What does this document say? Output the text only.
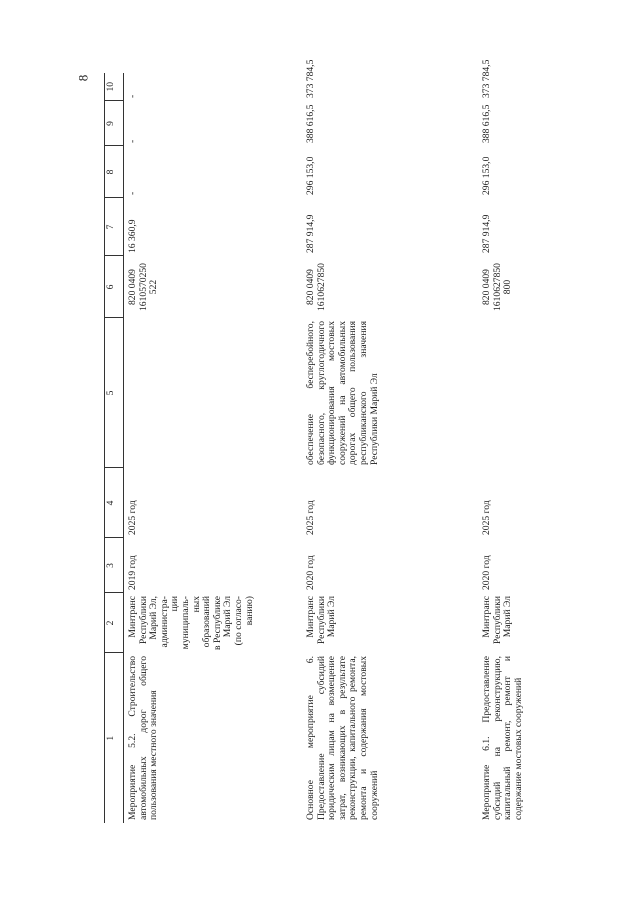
8
1	2	3	4	5	6	7	8	9	10
Мероприятие 5.2. Строительство автомобильных дорог общего пользования местного значения	Минтранс Республики Марий Эл, администра-ции муниципаль-ных образований в Республике Марий Эл (по согласо-ванию)	2019 год	2025 год		820 0409 1610570250 522	16 360,9	-	-	-
Основное мероприятие 6. Предоставление субсидий юридическим лицам на возмещение затрат, возникающих в результате реконструкции, капитального ремонта, ремонта и содержания мостовых сооружений	Минтранс Республики Марий Эл	2020 год	2025 год	обеспечение бесперебойного, безопасного, круглогодичного функционирования мостовых сооружений на автомобильных дорогах общего пользования республиканского значения Республики Марий Эл	820 0409 1610627850	287 914,9	296 153,0	388 616,5	373 784,5
Мероприятие 6.1. Предоставление субсидий на реконструкцию, капитальный ремонт, ремонт и содержание мостовых сооружений	Минтранс Республики Марий Эл	2020 год	2025 год		820 0409 1610627850 800	287 914,9	296 153,0	388 616,5	373 784,5
